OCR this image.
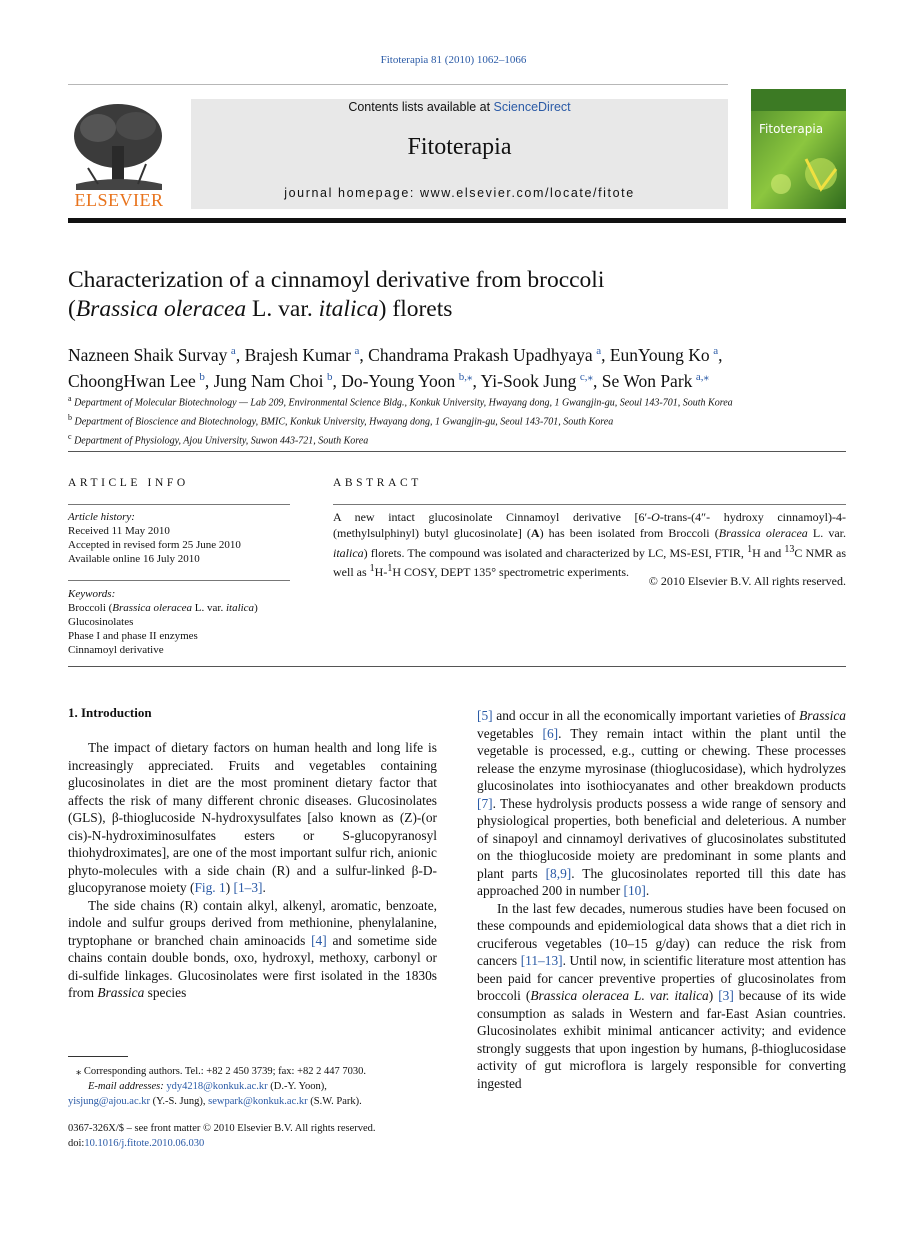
Fitoterapia 81 (2010) 1062–1066
ELSEVIER
Contents lists available at ScienceDirect
Fitoterapia
journal homepage: www.elsevier.com/locate/fitote
Fitoterapia
Characterization of a cinnamoyl derivative from broccoli
(Brassica oleracea L. var. italica) florets
Nazneen Shaik Survay  $^a$, Brajesh Kumar  $^a$, Chandrama Prakash Upadhyaya  $^a$, EunYoung Ko  $^a$,
ChoongHwan Lee  $^b$, Jung Nam Choi  $^b$, Do-Young Yoon  $^{b,⁎}$, Yi-Sook Jung  $^{c,⁎}$, Se Won Park  $^{a,⁎}$
$^a$ Department of Molecular Biotechnology — Lab 209, Environmental Science Bldg., Konkuk University, Hwayang dong, 1 Gwangjin-gu, Seoul 143-701, South Korea
$^b$ Department of Bioscience and Biotechnology, BMIC, Konkuk University, Hwayang dong, 1 Gwangjin-gu, Seoul 143-701, South Korea
$^c$ Department of Physiology, Ajou University, Suwon 443-721, South Korea
ARTICLE INFO	ABSTRACT
Article history:
Received 11 May 2010
Accepted in revised form 25 June 2010
Available online 16 July 2010
Keywords:
Broccoli (Brassica oleracea L. var. italica)
Glucosinolates
Phase I and phase II enzymes
Cinnamoyl derivative
A new intact glucosinolate Cinnamoyl derivative [6′-O-trans-(4″- hydroxy cinnamoyl)-4-(methylsulphinyl) butyl glucosinolate] (A) has been isolated from Broccoli (Brassica oleracea L. var. italica) florets. The compound was isolated and characterized by LC, MS-ESI, FTIR, $^1$H and $^{13}$C NMR as well as $^1$H-$^1$H COSY, DEPT 135° spectrometric experiments.
© 2010 Elsevier B.V. All rights reserved.
1. Introduction

The impact of dietary factors on human health and long life is increasingly appreciated. Fruits and vegetables containing glucosinolates in diet are the most prominent dietary factor that affects the risk of many different chronic diseases. Glucosinolates (GLS), β-thioglucoside N-hydroxysulfates [also known as (Z)-(or cis)-N-hydroximinosulfates esters or S-glucopyranosyl thiohydroximates], are one of the most important sulfur rich, anionic phyto-molecules with a side chain (R) and a sulfur-linked β-D-glucopyranose moiety (Fig. 1) [1–3].

The side chains (R) contain alkyl, alkenyl, aromatic, benzoate, indole and sulfur groups derived from methionine, phenylalanine, tryptophane or branched chain aminoacids [4] and sometime side chains contain double bonds, oxo, hydroxyl, methoxy, carbonyl or di-sulfide linkages. Glucosinolates were first isolated in the 1830s from Brassica species

[5] and occur in all the economically important varieties of Brassica vegetables [6]. They remain intact within the plant until the vegetable is processed, e.g., cutting or chewing. These processes release the enzyme myrosinase (thioglucosidase), which hydrolyzes glucosinolates into isothiocyanates and other breakdown products [7]. These hydrolysis products possess a wide range of sensory and physiological properties, both beneficial and deleterious. A number of sinapoyl and cinnamoyl derivatives of glucosinolates substituted on the thioglucoside moiety are predominant in some plants and plant parts [8,9]. The glucosinolates reported till this date has approached 200 in number [10].

In the last few decades, numerous studies have been focused on these compounds and epidemiological data shows that a diet rich in cruciferous vegetables (10–15 g/day) can reduce the risk from cancers [11–13]. Until now, in scientific literature most attention has been paid for cancer preventive properties of glucosinolates from broccoli (Brassica oleracea L. var. italica) [3] because of its wide consumption as salads in Western and far-East Asian countries. Glucosinolates exhibit minimal anticancer activity; and evidence strongly suggests that upon ingestion by humans, β-thioglucosidase activity of gut microflora is largely responsible for converting ingested

⁎ Corresponding authors. Tel.: +82 2 450 3739; fax: +82 2 447 7030.
E-mail addresses: ydy4218@konkuk.ac.kr (D.-Y. Yoon),
yisjung@ajou.ac.kr (Y.-S. Jung), sewpark@konkuk.ac.kr (S.W. Park).
0367-326X/$ – see front matter © 2010 Elsevier B.V. All rights reserved.
doi:10.1016/j.fitote.2010.06.030
